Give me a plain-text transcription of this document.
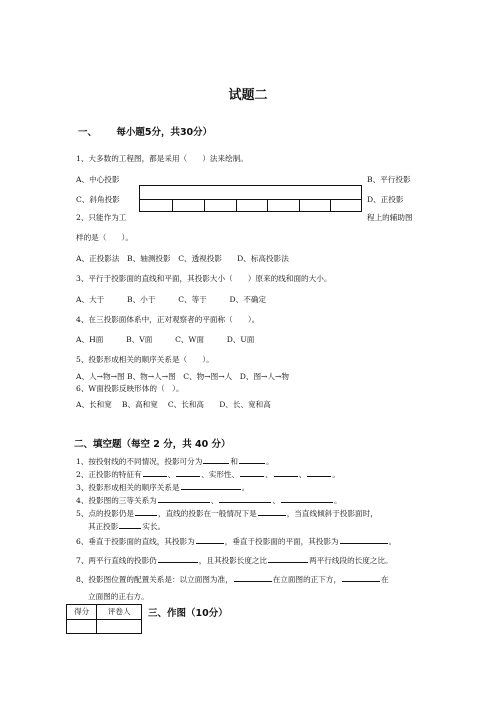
试题二
一、 每小题5分，共30分）
1、大多数的工程图，都是采用（　　）法来绘制。
A、中心投影	B、平行投影
C、斜角投影	D、正投影
2、只能作为工	程上的辅助图
样的是（　　）。
A、正投影法　B、轴测投影　C、透视投影　　D、标高投影法
3、平行于投影面的直线和平面，其投影大小（　　）原来的线和面的大小。
A、大于　　　B、小于　　　C、等于　　　D、不确定
4、在三投影面体系中，正对观察者的平面称（　　）。
A、H面　　　B、V面　　　C、W面　　　D、U面
5、投影形成相关的顺序关系是（　　）。
A、人→物→图 B、物→人→图　C、物→图→人　D、图→人→物
6、W面投影反映形体的（　）。
A、长和宽　 B、高和宽　 C、长和高　　D、长、宽和高
二、填空题（每空 2 分，共 40 分）
1、按投射线的不同情况，投影可分为	和	。
2、正投影的特征有	、	、实形性、	、	、	。
3、投影形成相关的顺序关系是	。
4、投影图的三等关系为	、	、	。
5、点的投影仍是	，直线的投影在一般情况下是	，当直线倾斜于投影面时，
其正投影	实长。
6、垂直于投影面的直线，其投影为	，垂直于投影面的平面，其投影为	。
7、两平行直线的投影仍	，且其投影长度之比	两平行线段的长度之比。
8、投影图位置的配置关系是：以立面图为准，	在立面图的正下方，	在
立面图的正右方。
得分	评卷人
	三、作图（10分）
